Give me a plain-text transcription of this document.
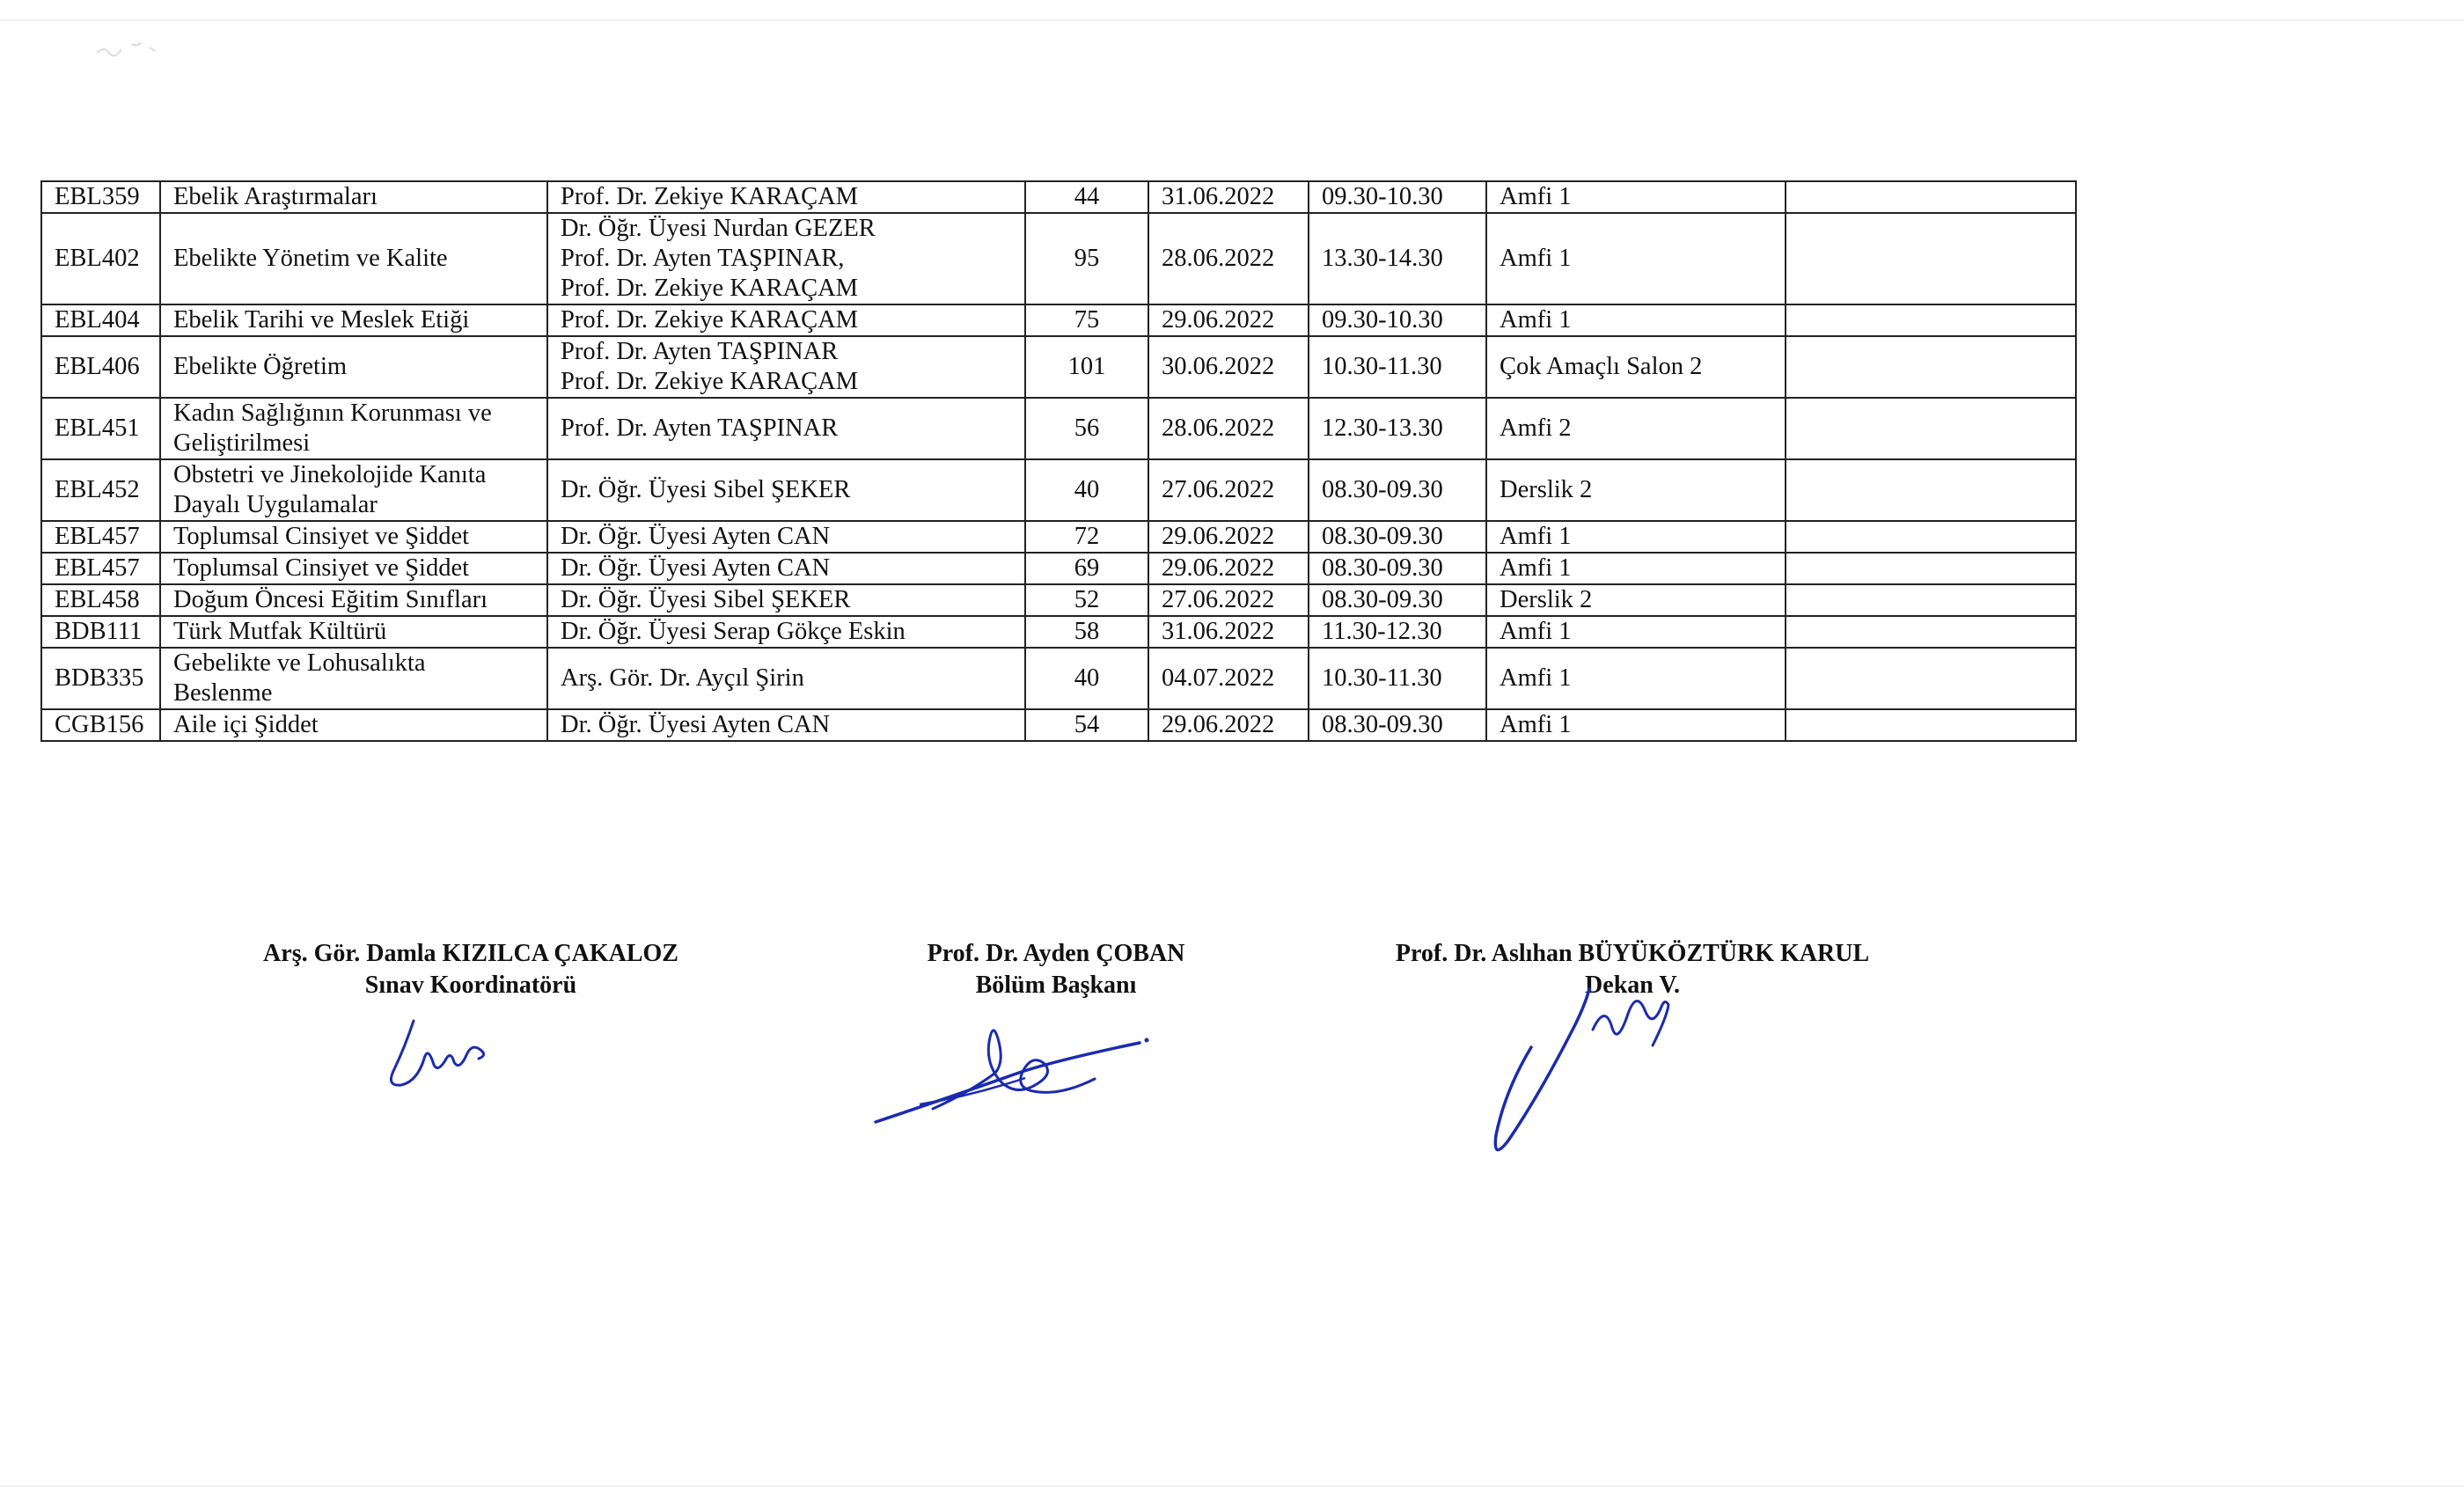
EBL359	Ebelik Araştırmaları	Prof. Dr. Zekiye KARAÇAM	44	31.06.2022	09.30-10.30	Amfi 1	
EBL402	Ebelikte Yönetim ve Kalite	Dr. Öğr. Üyesi Nurdan GEZER
Prof. Dr. Ayten TAŞPINAR,
Prof. Dr. Zekiye KARAÇAM	95	28.06.2022	13.30-14.30	Amfi 1	
EBL404	Ebelik Tarihi ve Meslek Etiği	Prof. Dr. Zekiye KARAÇAM	75	29.06.2022	09.30-10.30	Amfi 1	
EBL406	Ebelikte Öğretim	Prof. Dr. Ayten TAŞPINAR
Prof. Dr. Zekiye KARAÇAM	101	30.06.2022	10.30-11.30	Çok Amaçlı Salon 2	
EBL451	Kadın Sağlığının Korunması ve
Geliştirilmesi	Prof. Dr. Ayten TAŞPINAR	56	28.06.2022	12.30-13.30	Amfi 2	
EBL452	Obstetri ve Jinekolojide Kanıta
Dayalı Uygulamalar	Dr. Öğr. Üyesi Sibel ŞEKER	40	27.06.2022	08.30-09.30	Derslik 2	
EBL457	Toplumsal Cinsiyet ve Şiddet	Dr. Öğr. Üyesi Ayten CAN	72	29.06.2022	08.30-09.30	Amfi 1	
EBL457	Toplumsal Cinsiyet ve Şiddet	Dr. Öğr. Üyesi Ayten CAN	69	29.06.2022	08.30-09.30	Amfi 1	
EBL458	Doğum Öncesi Eğitim Sınıfları	Dr. Öğr. Üyesi Sibel ŞEKER	52	27.06.2022	08.30-09.30	Derslik 2	
BDB111	Türk Mutfak Kültürü	Dr. Öğr. Üyesi Serap Gökçe Eskin	58	31.06.2022	11.30-12.30	Amfi 1	
BDB335	Gebelikte ve Lohusalıkta
Beslenme	Arş. Gör. Dr. Ayçıl Şirin	40	04.07.2022	10.30-11.30	Amfi 1	
CGB156	Aile içi Şiddet	Dr. Öğr. Üyesi Ayten CAN	54	29.06.2022	08.30-09.30	Amfi 1	
Arş. Gör. Damla KIZILCA ÇAKALOZ
Sınav Koordinatörü
Prof. Dr. Ayden ÇOBAN
Bölüm Başkanı
Prof. Dr. Aslıhan BÜYÜKÖZTÜRK KARUL
Dekan V.
